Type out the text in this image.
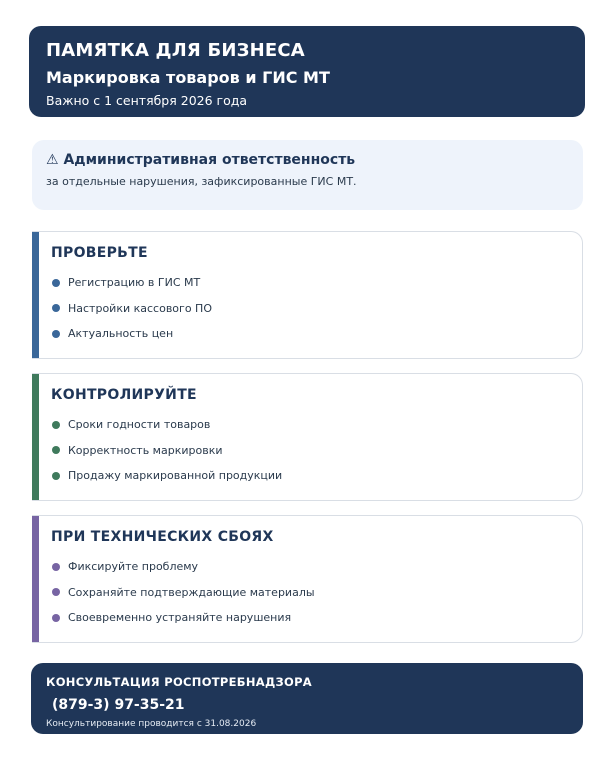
ПАМЯТКА ДЛЯ БИЗНЕСА
Маркировка товаров и ГИС МТ
Важно с 1 сентября 2026 года
⚠ Административная ответственность
за отдельные нарушения, зафиксированные ГИС МТ.
ПРОВЕРЬТЕ
Регистрацию в ГИС МТ
Настройки кассового ПО
Актуальность цен
КОНТРОЛИРУЙТЕ
Сроки годности товаров
Корректность маркировки
Продажу маркированной продукции
ПРИ ТЕХНИЧЕСКИХ СБОЯХ
Фиксируйте проблему
Сохраняйте подтверждающие материалы
Своевременно устраняйте нарушения
КОНСУЛЬТАЦИЯ РОСПОТРЕБНАДЗОРА
(879-3) 97-35-21
Консультирование проводится с 31.08.2026
